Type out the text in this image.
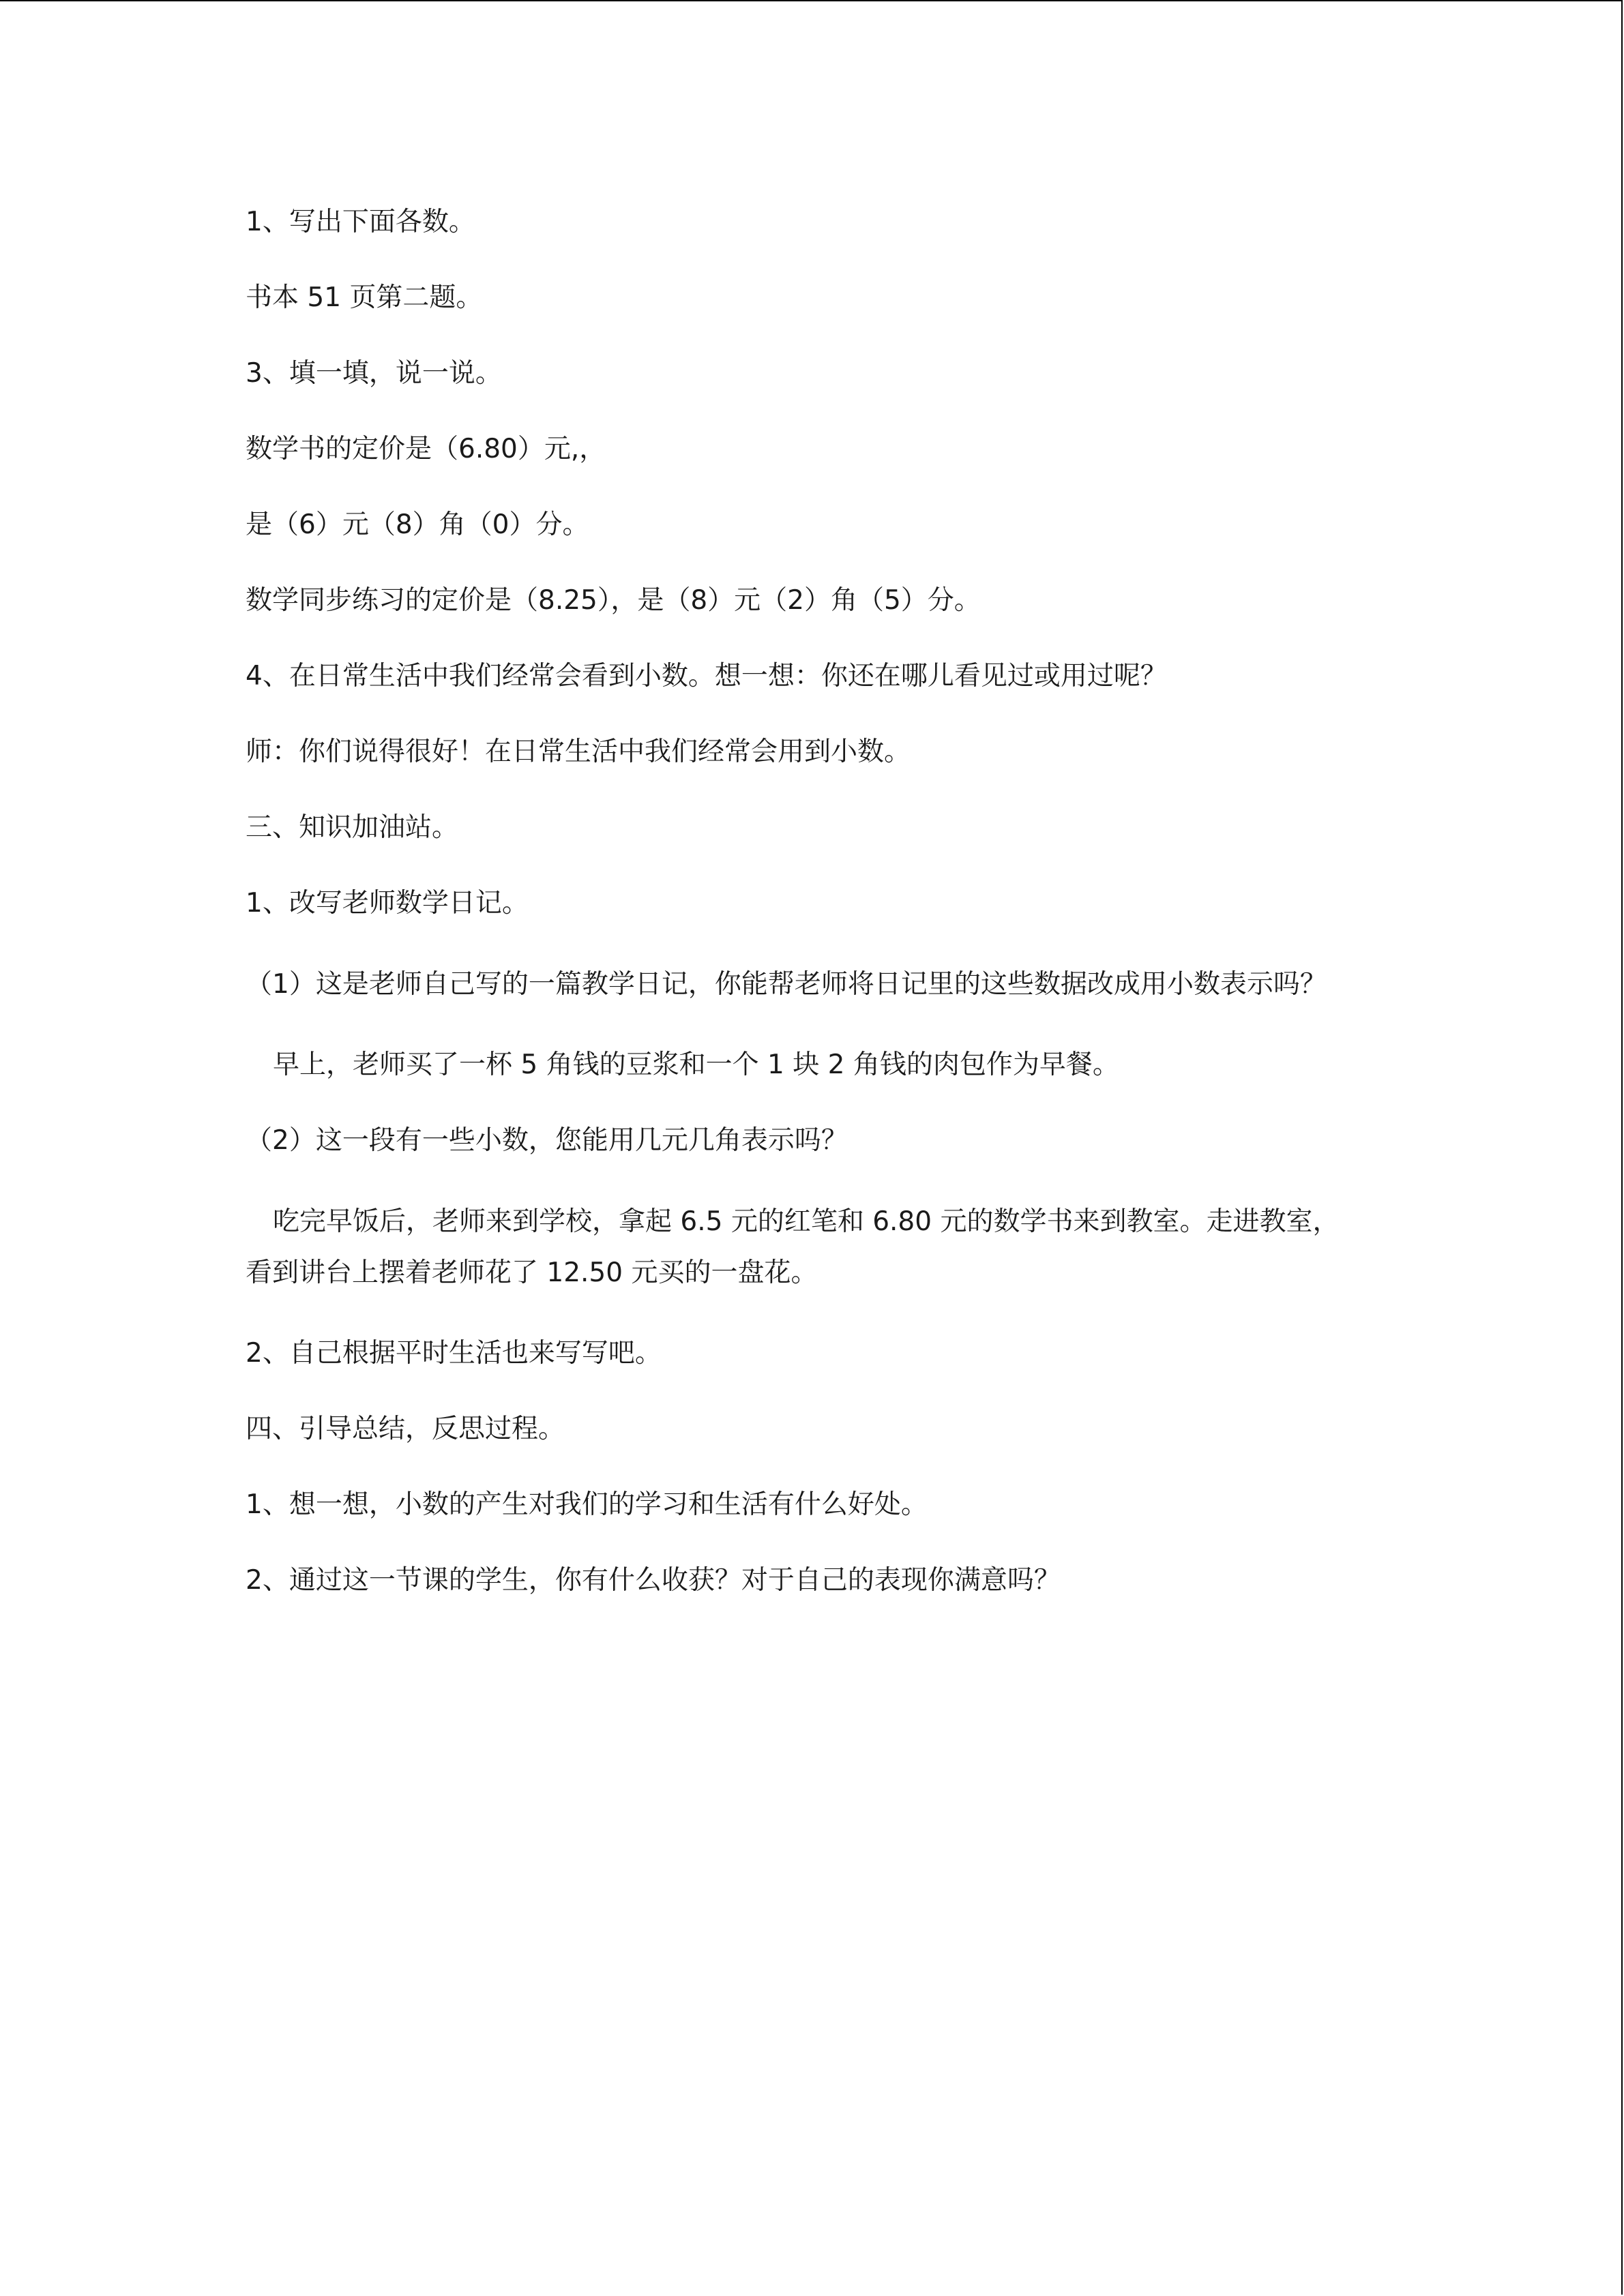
1、写出下面各数。

书本 51 页第二题。

3、填一填，说一说。

数学书的定价是（6.80）元,，

是（6）元（8）角（0）分。

数学同步练习的定价是（8.25），是（8）元（2）角（5）分。

4、在日常生活中我们经常会看到小数。想一想：你还在哪儿看见过或用过呢？

师：你们说得很好！在日常生活中我们经常会用到小数。

三、知识加油站。

1、改写老师数学日记。

（1）这是老师自己写的一篇教学日记，你能帮老师将日记里的这些数据改成用小数表示吗？

早上，老师买了一杯 5 角钱的豆浆和一个 1 块 2 角钱的肉包作为早餐。

（2）这一段有一些小数，您能用几元几角表示吗？

吃完早饭后，老师来到学校，拿起 6.5 元的红笔和 6.80 元的数学书来到教室。走进教室，看到讲台上摆着老师花了 12.50 元买的一盘花。

2、自己根据平时生活也来写写吧。

四、引导总结，反思过程。

1、想一想，小数的产生对我们的学习和生活有什么好处。

2、通过这一节课的学生，你有什么收获？对于自己的表现你满意吗？
